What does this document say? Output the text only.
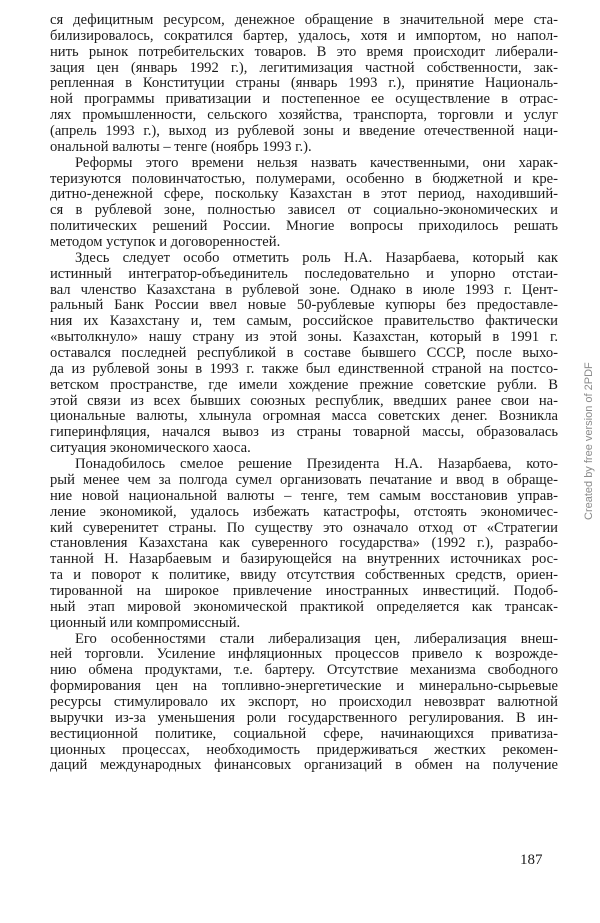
ся дефицитным ресурсом, денежное обращение в значительной мере ста-
билизировалось, сократился бартер, удалось, хотя и импортом, но напол-
нить рынок потребительских товаров. В это время происходит либерали-
зация цен (январь 1992 г.), легитимизация частной собственности, зак-
репленная в Конституции страны (январь 1993 г.), принятие Националь-
ной программы приватизации и постепенное ее осуществление в отрас-
лях промышленности, сельского хозяйства, транспорта, торговли и услуг
(апрель 1993 г.), выход из рублевой зоны и введение отечественной наци-
ональной валюты – тенге (ноябрь 1993 г.).
Реформы этого времени нельзя назвать качественными, они харак-
теризуются половинчатостью, полумерами, особенно в бюджетной и кре-
дитно-денежной сфере, поскольку Казахстан в этот период, находивший-
ся в рублевой зоне, полностью зависел от социально-экономических и
политических решений России. Многие вопросы приходилось решать
методом уступок и договоренностей.
Здесь следует особо отметить роль Н.А. Назарбаева, который как
истинный интегратор-объединитель последовательно и упорно отстаи-
вал членство Казахстана в рублевой зоне. Однако в июле 1993 г. Цент-
ральный Банк России ввел новые 50-рублевые купюры без предоставле-
ния их Казахстану и, тем самым, российское правительство фактически
«вытолкнуло» нашу страну из этой зоны. Казахстан, который в 1991 г.
оставался последней республикой в составе бывшего СССР, после выхо-
да из рублевой зоны в 1993 г. также был единственной страной на постсо-
ветском пространстве, где имели хождение прежние советские рубли. В
этой связи из всех бывших союзных республик, введших ранее свои на-
циональные валюты, хлынула огромная масса советских денег. Возникла
гиперинфляция, начался вывоз из страны товарной массы, образовалась
ситуация экономического хаоса.
Понадобилось смелое решение Президента Н.А. Назарбаева, кото-
рый менее чем за полгода сумел организовать печатание и ввод в обраще-
ние новой национальной валюты – тенге, тем самым восстановив управ-
ление экономикой, удалось избежать катастрофы, отстоять экономичес-
кий суверенитет страны. По существу это означало отход от «Стратегии
становления Казахстана как суверенного государства» (1992 г.), разрабо-
танной Н. Назарбаевым и базирующейся на внутренних источниках рос-
та и поворот к политике, ввиду отсутствия собственных средств, ориен-
тированной на широкое привлечение иностранных инвестиций. Подоб-
ный этап мировой экономической практикой определяется как трансак-
ционный или компромиссный.
Его особенностями стали либерализация цен, либерализация внеш-
ней торговли. Усиление инфляционных процессов привело к возрожде-
нию обмена продуктами, т.е. бартеру. Отсутствие механизма свободного
формирования цен на топливно-энергетические и минерально-сырьевые
ресурсы стимулировало их экспорт, но происходил невозврат валютной
выручки из-за уменьшения роли государственного регулирования. В ин-
вестиционной политике, социальной сфере, начинающихся приватиза-
ционных процессах, необходимость придерживаться жестких рекомен-
даций международных финансовых организаций в обмен на получение
187
Created by free version of 2PDF
